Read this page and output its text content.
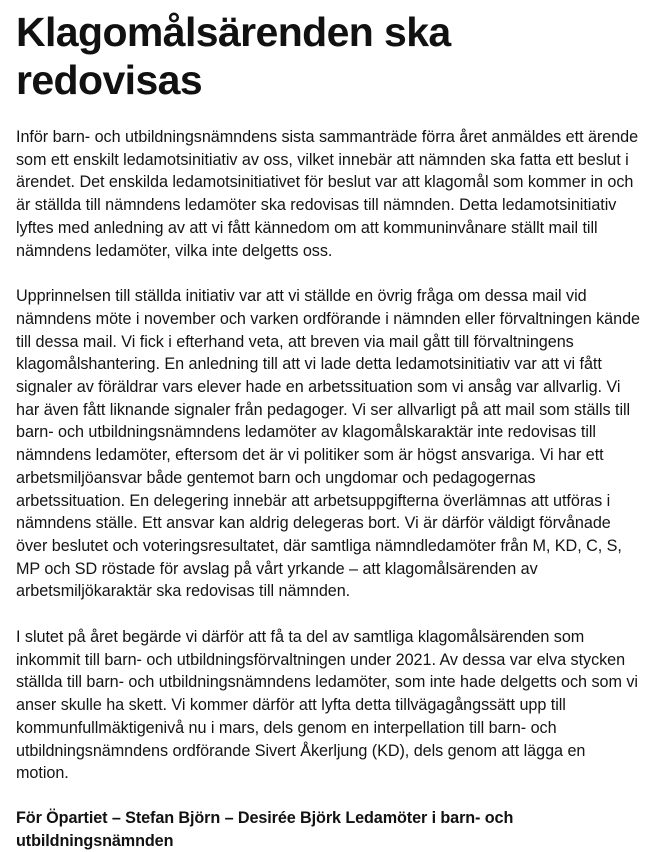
Klagomålsärenden ska redovisas

Inför barn- och utbildningsnämndens sista sammanträde förra året anmäldes ett ärende som ett enskilt ledamotsinitiativ av oss, vilket innebär att nämnden ska fatta ett beslut i ärendet. Det enskilda ledamotsinitiativet för beslut var att klagomål som kommer in och är ställda till nämndens ledamöter ska redovisas till nämnden. Detta ledamotsinitiativ lyftes med anledning av att vi fått kännedom om att kommuninvånare ställt mail till nämndens ledamöter, vilka inte delgetts oss.

Upprinnelsen till ställda initiativ var att vi ställde en övrig fråga om dessa mail vid nämndens möte i november och varken ordförande i nämnden eller förvaltningen kände till dessa mail. Vi fick i efterhand veta, att breven via mail gått till förvaltningens klagomålshantering. En anledning till att vi lade detta ledamotsinitiativ var att vi fått signaler av föräldrar vars elever hade en arbetssituation som vi ansåg var allvarlig. Vi har även fått liknande signaler från pedagoger. Vi ser allvarligt på att mail som ställs till barn- och utbildningsnämndens ledamöter av klagomålskaraktär inte redovisas till nämndens ledamöter, eftersom det är vi politiker som är högst ansvariga. Vi har ett arbetsmiljöansvar både gentemot barn och ungdomar och pedagogernas arbetssituation. En delegering innebär att arbetsuppgifterna överlämnas att utföras i nämndens ställe. Ett ansvar kan aldrig delegeras bort. Vi är därför väldigt förvånade över beslutet och voteringsresultatet, där samtliga nämndledamöter från M, KD, C, S, MP och SD röstade för avslag på vårt yrkande – att klagomålsärenden av arbetsmiljökaraktär ska redovisas till nämnden.

I slutet på året begärde vi därför att få ta del av samtliga klagomålsärenden som inkommit till barn- och utbildningsförvaltningen under 2021. Av dessa var elva stycken ställda till barn- och utbildningsnämndens ledamöter, som inte hade delgetts och som vi anser skulle ha skett. Vi kommer därför att lyfta detta tillvägagångssätt upp till kommunfullmäktigenivå nu i mars, dels genom en interpellation till barn- och utbildningsnämndens ordförande Sivert Åkerljung (KD), dels genom att lägga en motion.

För Öpartiet – Stefan Björn – Desirée Björk Ledamöter i barn- och utbildningsnämnden
